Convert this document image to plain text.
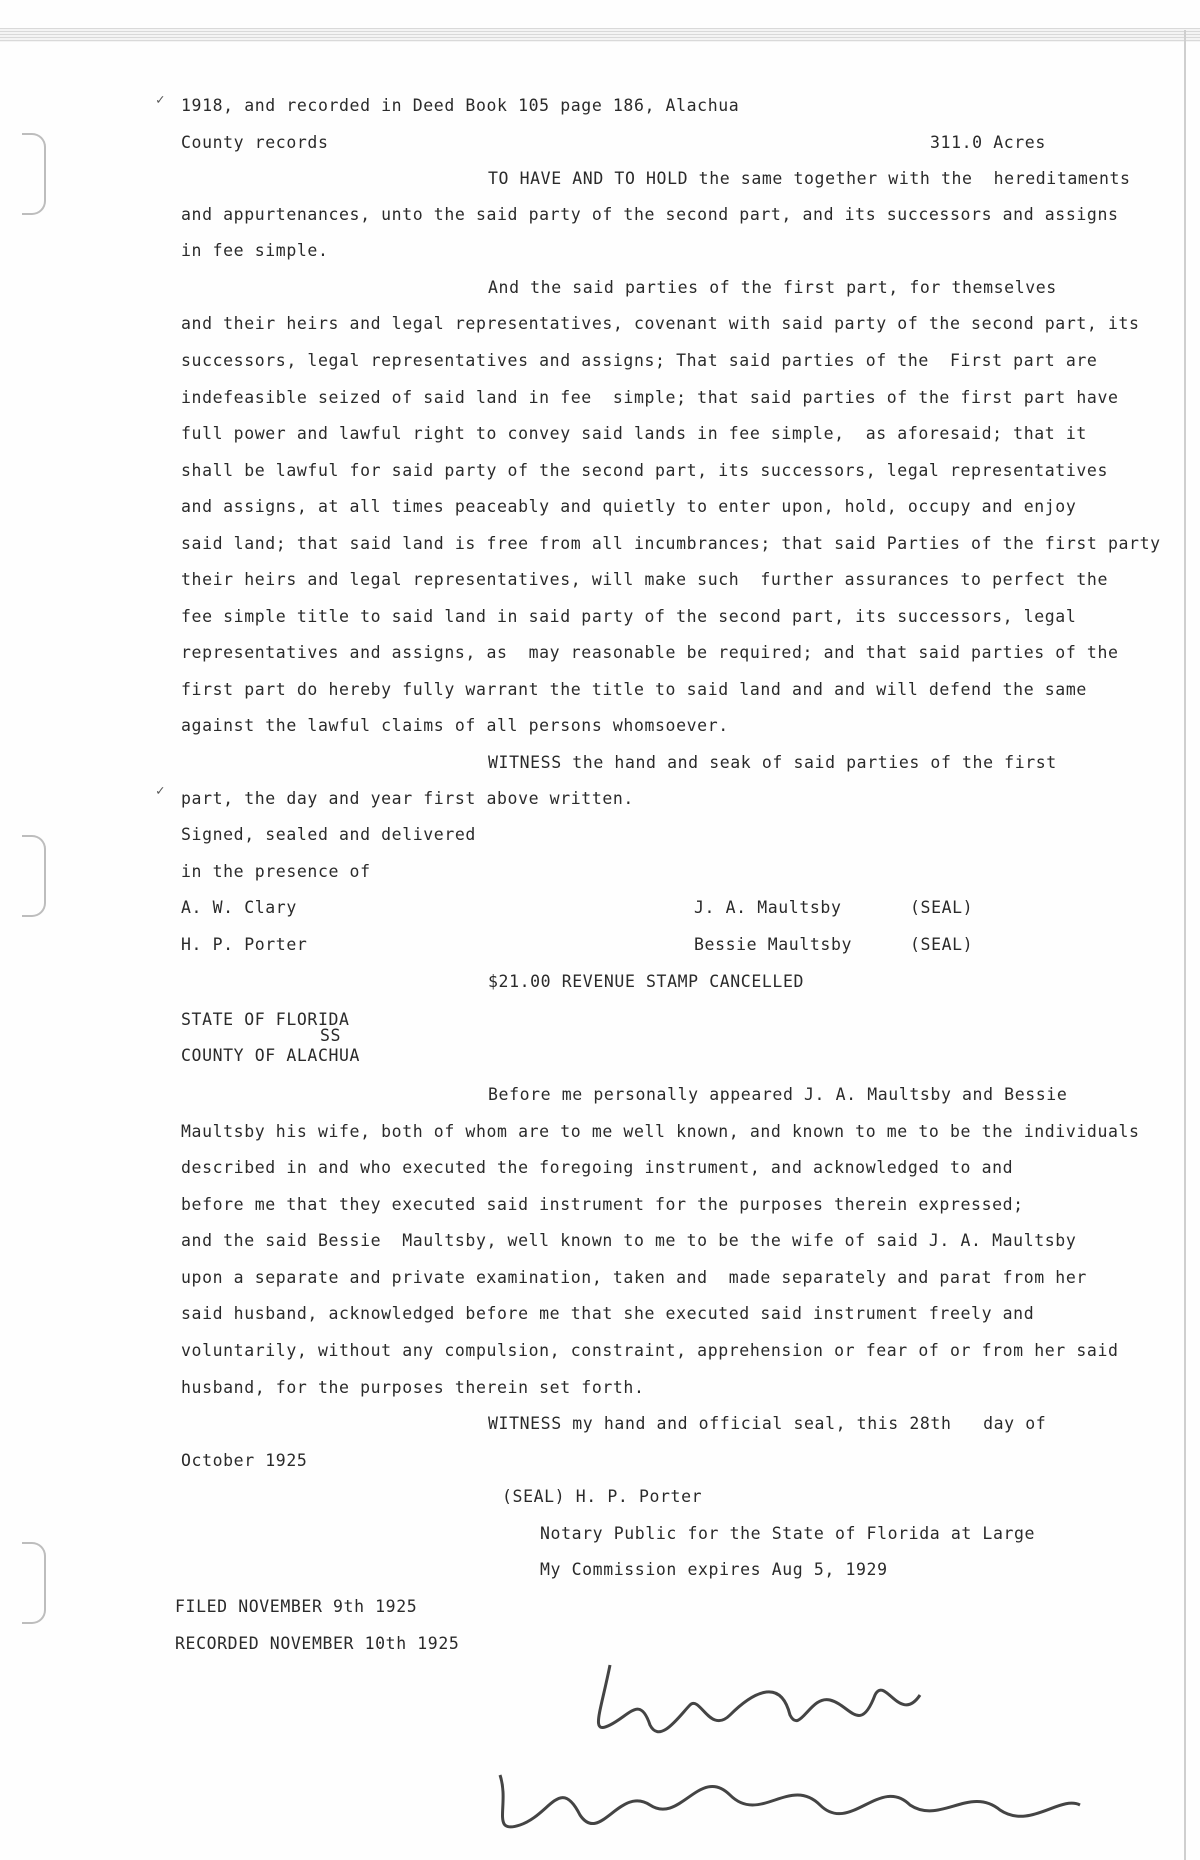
✓
✓
1918, and recorded in Deed Book 105 page 186, Alachua
County records	311.0 Acres
TO HAVE AND TO HOLD the same together with the  hereditaments
and appurtenances, unto the said party of the second part, and its successors and assigns
in fee simple.
And the said parties of the first part, for themselves
and their heirs and legal representatives, covenant with said party of the second part, its
successors, legal representatives and assigns; That said parties of the  First part are
indefeasible seized of said land in fee  simple; that said parties of the first part have
full power and lawful right to convey said lands in fee simple,  as aforesaid; that it
shall be lawful for said party of the second part, its successors, legal representatives
and assigns, at all times peaceably and quietly to enter upon, hold, occupy and enjoy
said land; that said land is free from all incumbrances; that said Parties of the first party
their heirs and legal representatives, will make such  further assurances to perfect the
fee simple title to said land in said party of the second part, its successors, legal
representatives and assigns, as  may reasonable be required; and that said parties of the
first part do hereby fully warrant the title to said land and and will defend the same
against the lawful claims of all persons whomsoever.
WITNESS the hand and seak of said parties of the first
part, the day and year first above written.
Signed, sealed and delivered
in the presence of
A. W. Clary	J. A. Maultsby	(SEAL)
H. P. Porter	Bessie Maultsby	(SEAL)
$21.00 REVENUE STAMP CANCELLED
STATE OF FLORIDA
SS
COUNTY OF ALACHUA
Before me personally appeared J. A. Maultsby and Bessie
Maultsby his wife, both of whom are to me well known, and known to me to be the individuals
described in and who executed the foregoing instrument, and acknowledged to and
before me that they executed said instrument for the purposes therein expressed;
and the said Bessie  Maultsby, well known to me to be the wife of said J. A. Maultsby
upon a separate and private examination, taken and  made separately and parat from her
said husband, acknowledged before me that she executed said instrument freely and
voluntarily, without any compulsion, constraint, apprehension or fear of or from her said
husband, for the purposes therein set forth.
WITNESS my hand and official seal, this 28th   day of
October 1925
(SEAL) H. P. Porter
Notary Public for the State of Florida at Large
My Commission expires Aug 5, 1929
FILED NOVEMBER 9th 1925
RECORDED NOVEMBER 10th 1925
